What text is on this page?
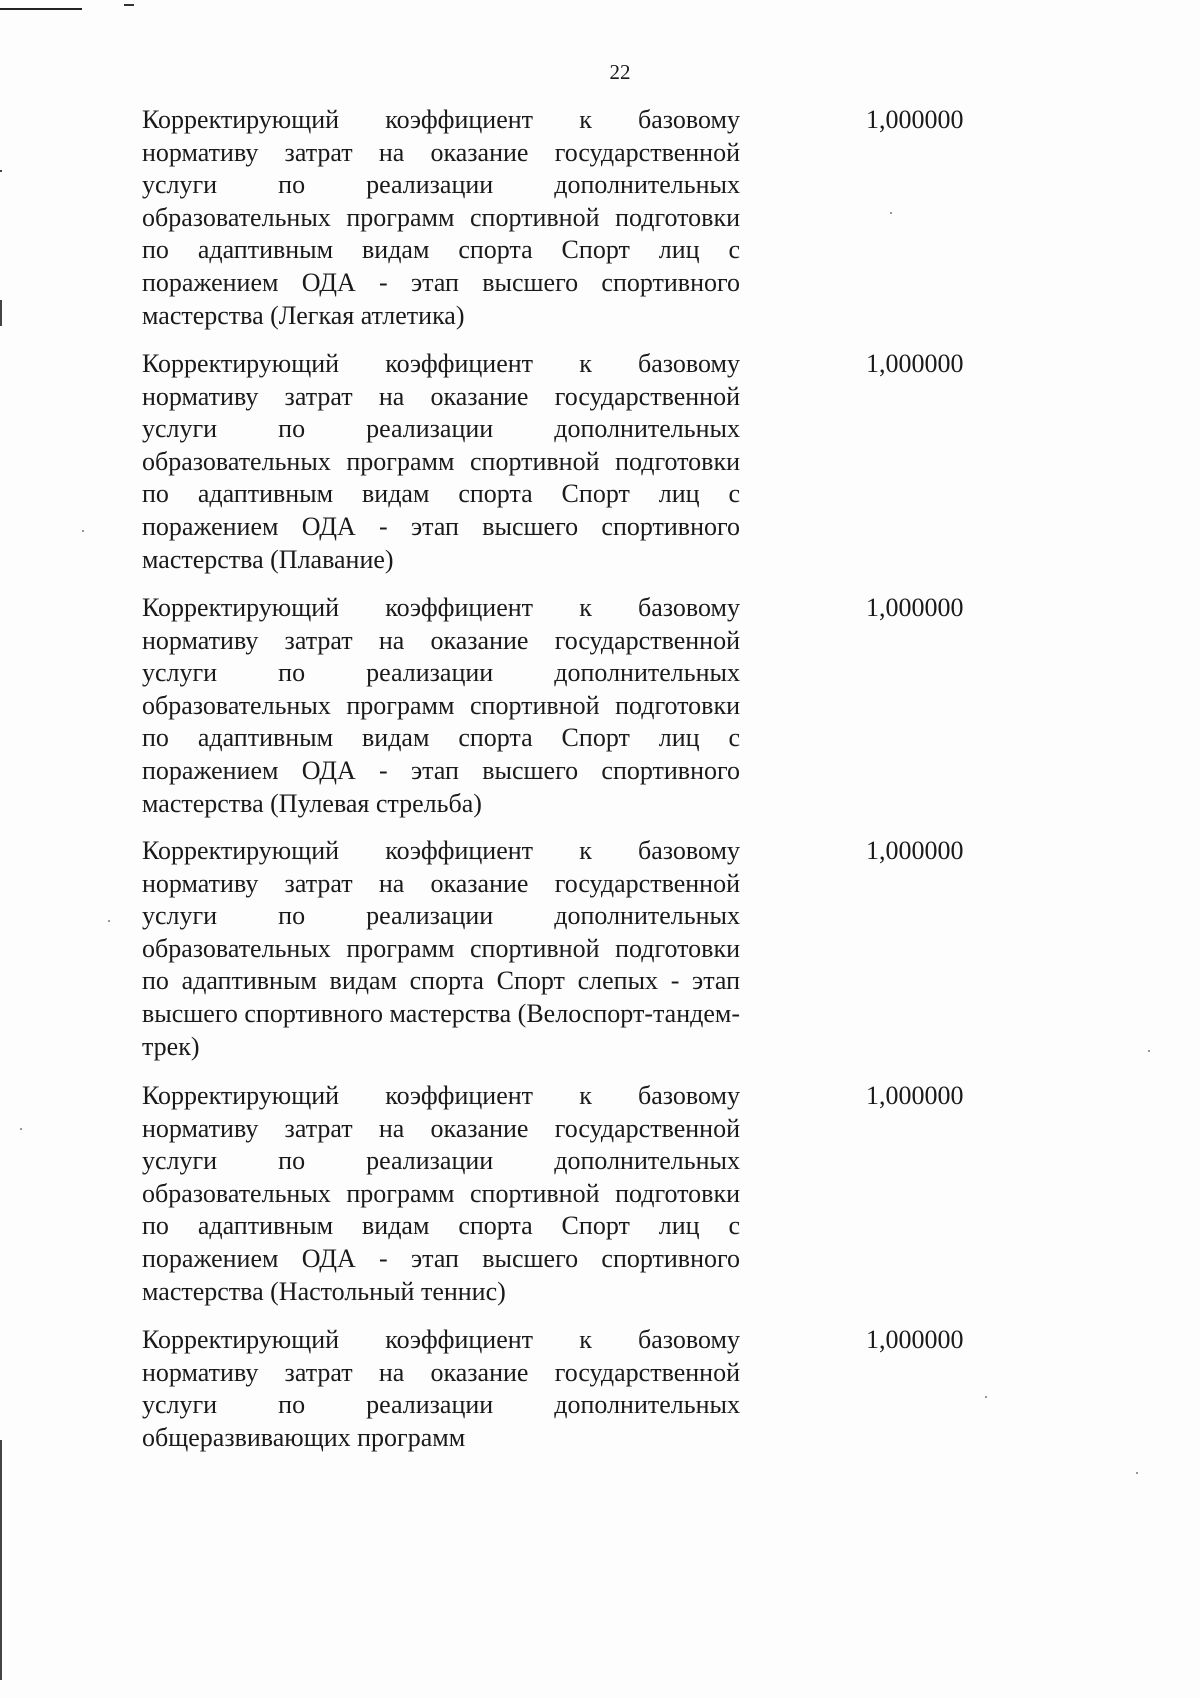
22

Корректирующий коэффициент к базовому нормативу затрат на оказание государственной услуги по реализации дополнительных образовательных программ спортивной подготовки по адаптивным видам спорта Спорт лиц с поражением ОДА - этап высшего спортивного мастерства (Легкая атлетика)

1,000000

Корректирующий коэффициент к базовому нормативу затрат на оказание государственной услуги по реализации дополнительных образовательных программ спортивной подготовки по адаптивным видам спорта Спорт лиц с поражением ОДА - этап высшего спортивного мастерства (Плавание)

1,000000

Корректирующий коэффициент к базовому нормативу затрат на оказание государственной услуги по реализации дополнительных образовательных программ спортивной подготовки по адаптивным видам спорта Спорт лиц с поражением ОДА - этап высшего спортивного мастерства (Пулевая стрельба)

1,000000

Корректирующий коэффициент к базовому нормативу затрат на оказание государственной услуги по реализации дополнительных образовательных программ спортивной подготовки по адаптивным видам спорта Спорт слепых - этап высшего спортивного мастерства (Велоспорт-тандем-трек)

1,000000

Корректирующий коэффициент к базовому нормативу затрат на оказание государственной услуги по реализации дополнительных образовательных программ спортивной подготовки по адаптивным видам спорта Спорт лиц с поражением ОДА - этап высшего спортивного мастерства (Настольный теннис)

1,000000

Корректирующий коэффициент к базовому нормативу затрат на оказание государственной услуги по реализации дополнительных общеразвивающих программ

1,000000
